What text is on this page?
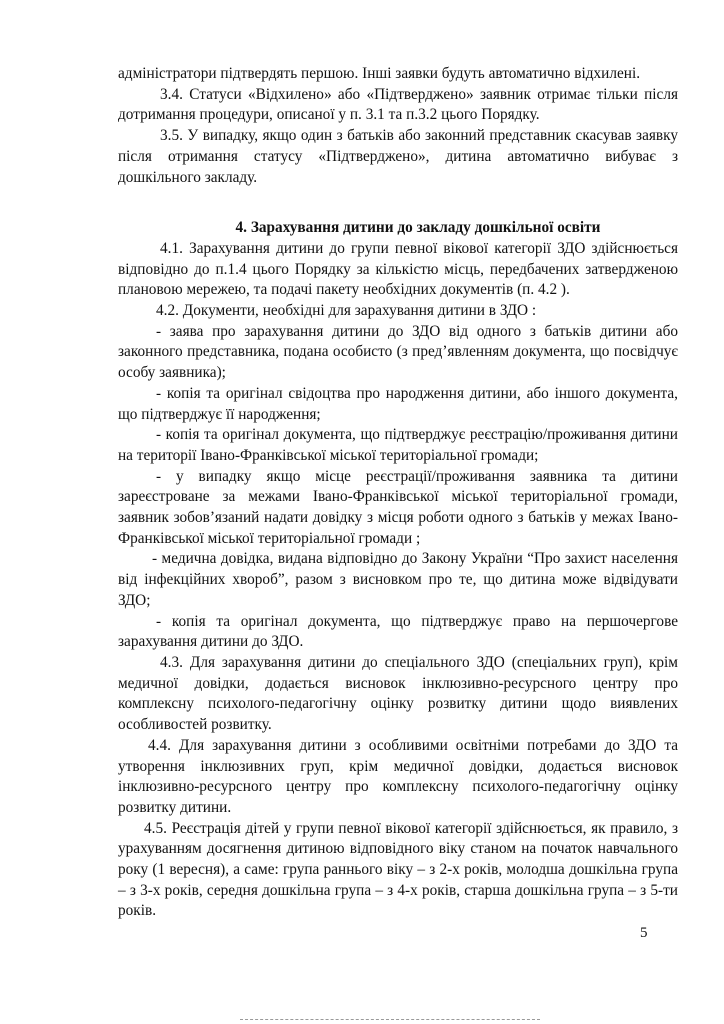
адміністратори підтвердять першою. Інші заявки будуть автоматично відхилені.

3.4. Статуси «Відхилено» або «Підтверджено» заявник отримає тільки після дотримання процедури, описаної у п. 3.1 та п.3.2 цього Порядку.

3.5. У випадку, якщо один з батьків або законний представник скасував заявку після отримання статусу «Підтверджено», дитина автоматично вибуває з дошкільного закладу.

4. Зарахування дитини до закладу дошкільної освіти

4.1. Зарахування дитини до групи певної вікової категорії ЗДО здійснюється відповідно до п.1.4 цього Порядку за кількістю місць, передбачених затвердженою плановою мережею, та подачі пакету необхідних документів (п. 4.2 ).

4.2. Документи, необхідні для зарахування дитини в ЗДО :

- заява про зарахування дитини до ЗДО від одного з батьків дитини або законного представника, подана особисто (з пред’явленням документа, що посвідчує особу заявника);

- копія та оригінал свідоцтва про народження дитини, або іншого документа, що підтверджує її народження;

- копія та оригінал документа, що підтверджує реєстрацію/проживання дитини на території Івано-Франківської міської територіальної громади;

- у випадку якщо місце реєстрації/проживання заявника та дитини зареєстроване за межами Івано-Франківської міської територіальної громади, заявник зобов’язаний надати довідку з місця роботи одного з батьків у межах Івано-Франківської міської територіальної громади ;

- медична довідка, видана відповідно до Закону України “Про захист населення від інфекційних хвороб”, разом з висновком про те, що дитина може відвідувати ЗДО;

- копія та оригінал документа, що підтверджує право на першочергове зарахування дитини до ЗДО.

4.3. Для зарахування дитини до спеціального ЗДО (спеціальних груп), крім медичної довідки, додається висновок інклюзивно-ресурсного центру про комплексну психолого-педагогічну оцінку розвитку дитини щодо виявлених особливостей розвитку.

4.4. Для зарахування дитини з особливими освітніми потребами до ЗДО та утворення інклюзивних груп, крім медичної довідки, додається висновок інклюзивно-ресурсного центру про комплексну психолого-педагогічну оцінку розвитку дитини.

4.5. Реєстрація дітей у групи певної вікової категорії здійснюється, як правило, з урахуванням досягнення дитиною відповідного віку станом на початок навчального року (1 вересня), а саме: група раннього віку – з 2-х років, молодша дошкільна група – з 3-х років, середня дошкільна група – з 4-х років, старша дошкільна група – з 5-ти років.

5
